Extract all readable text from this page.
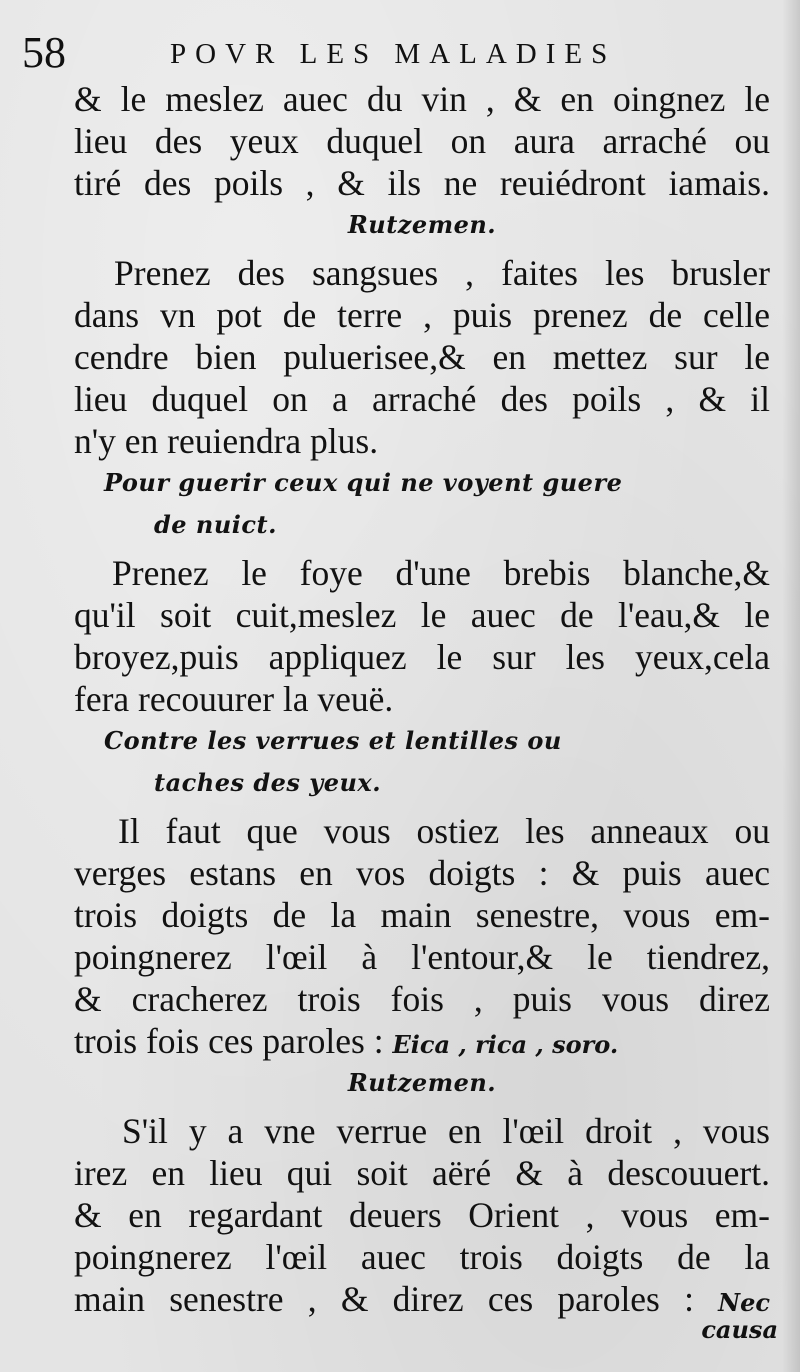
58	POVR LES MALADIES
& le meslez auec du vin , & en oingnez le
lieu des yeux duquel on aura arraché ou
tiré des poils , & ils ne reuiédront iamais.
Rutzemen.
Prenez des sangsues , faites les brusler
dans vn pot de terre , puis prenez de celle
cendre bien puluerisee,& en mettez sur le
lieu duquel on a arraché des poils , & il
n'y en reuiendra plus.
Pour guerir ceux qui ne voyent guere
de nuict.
Prenez le foye d'une brebis blanche,&
qu'il soit cuit,meslez le auec de l'eau,& le
broyez,puis appliquez le sur les yeux,cela
fera recouurer la veuë.
Contre les verrues et lentilles ou
taches des yeux.
Il faut que vous ostiez les anneaux ou
verges estans en vos doigts : & puis auec
trois doigts de la main senestre, vous em-
poingnerez l'œil à l'entour,& le tiendrez,
& cracherez trois fois , puis vous direz
trois fois ces paroles : Eica , rica , soro.
Rutzemen.
S'il y a vne verrue en l'œil droit , vous
irez en lieu qui soit aëré & à descouuert.
& en regardant deuers Orient , vous em-
poingnerez l'œil auec trois doigts de la
main senestre , & direz ces paroles : Nec
causa
